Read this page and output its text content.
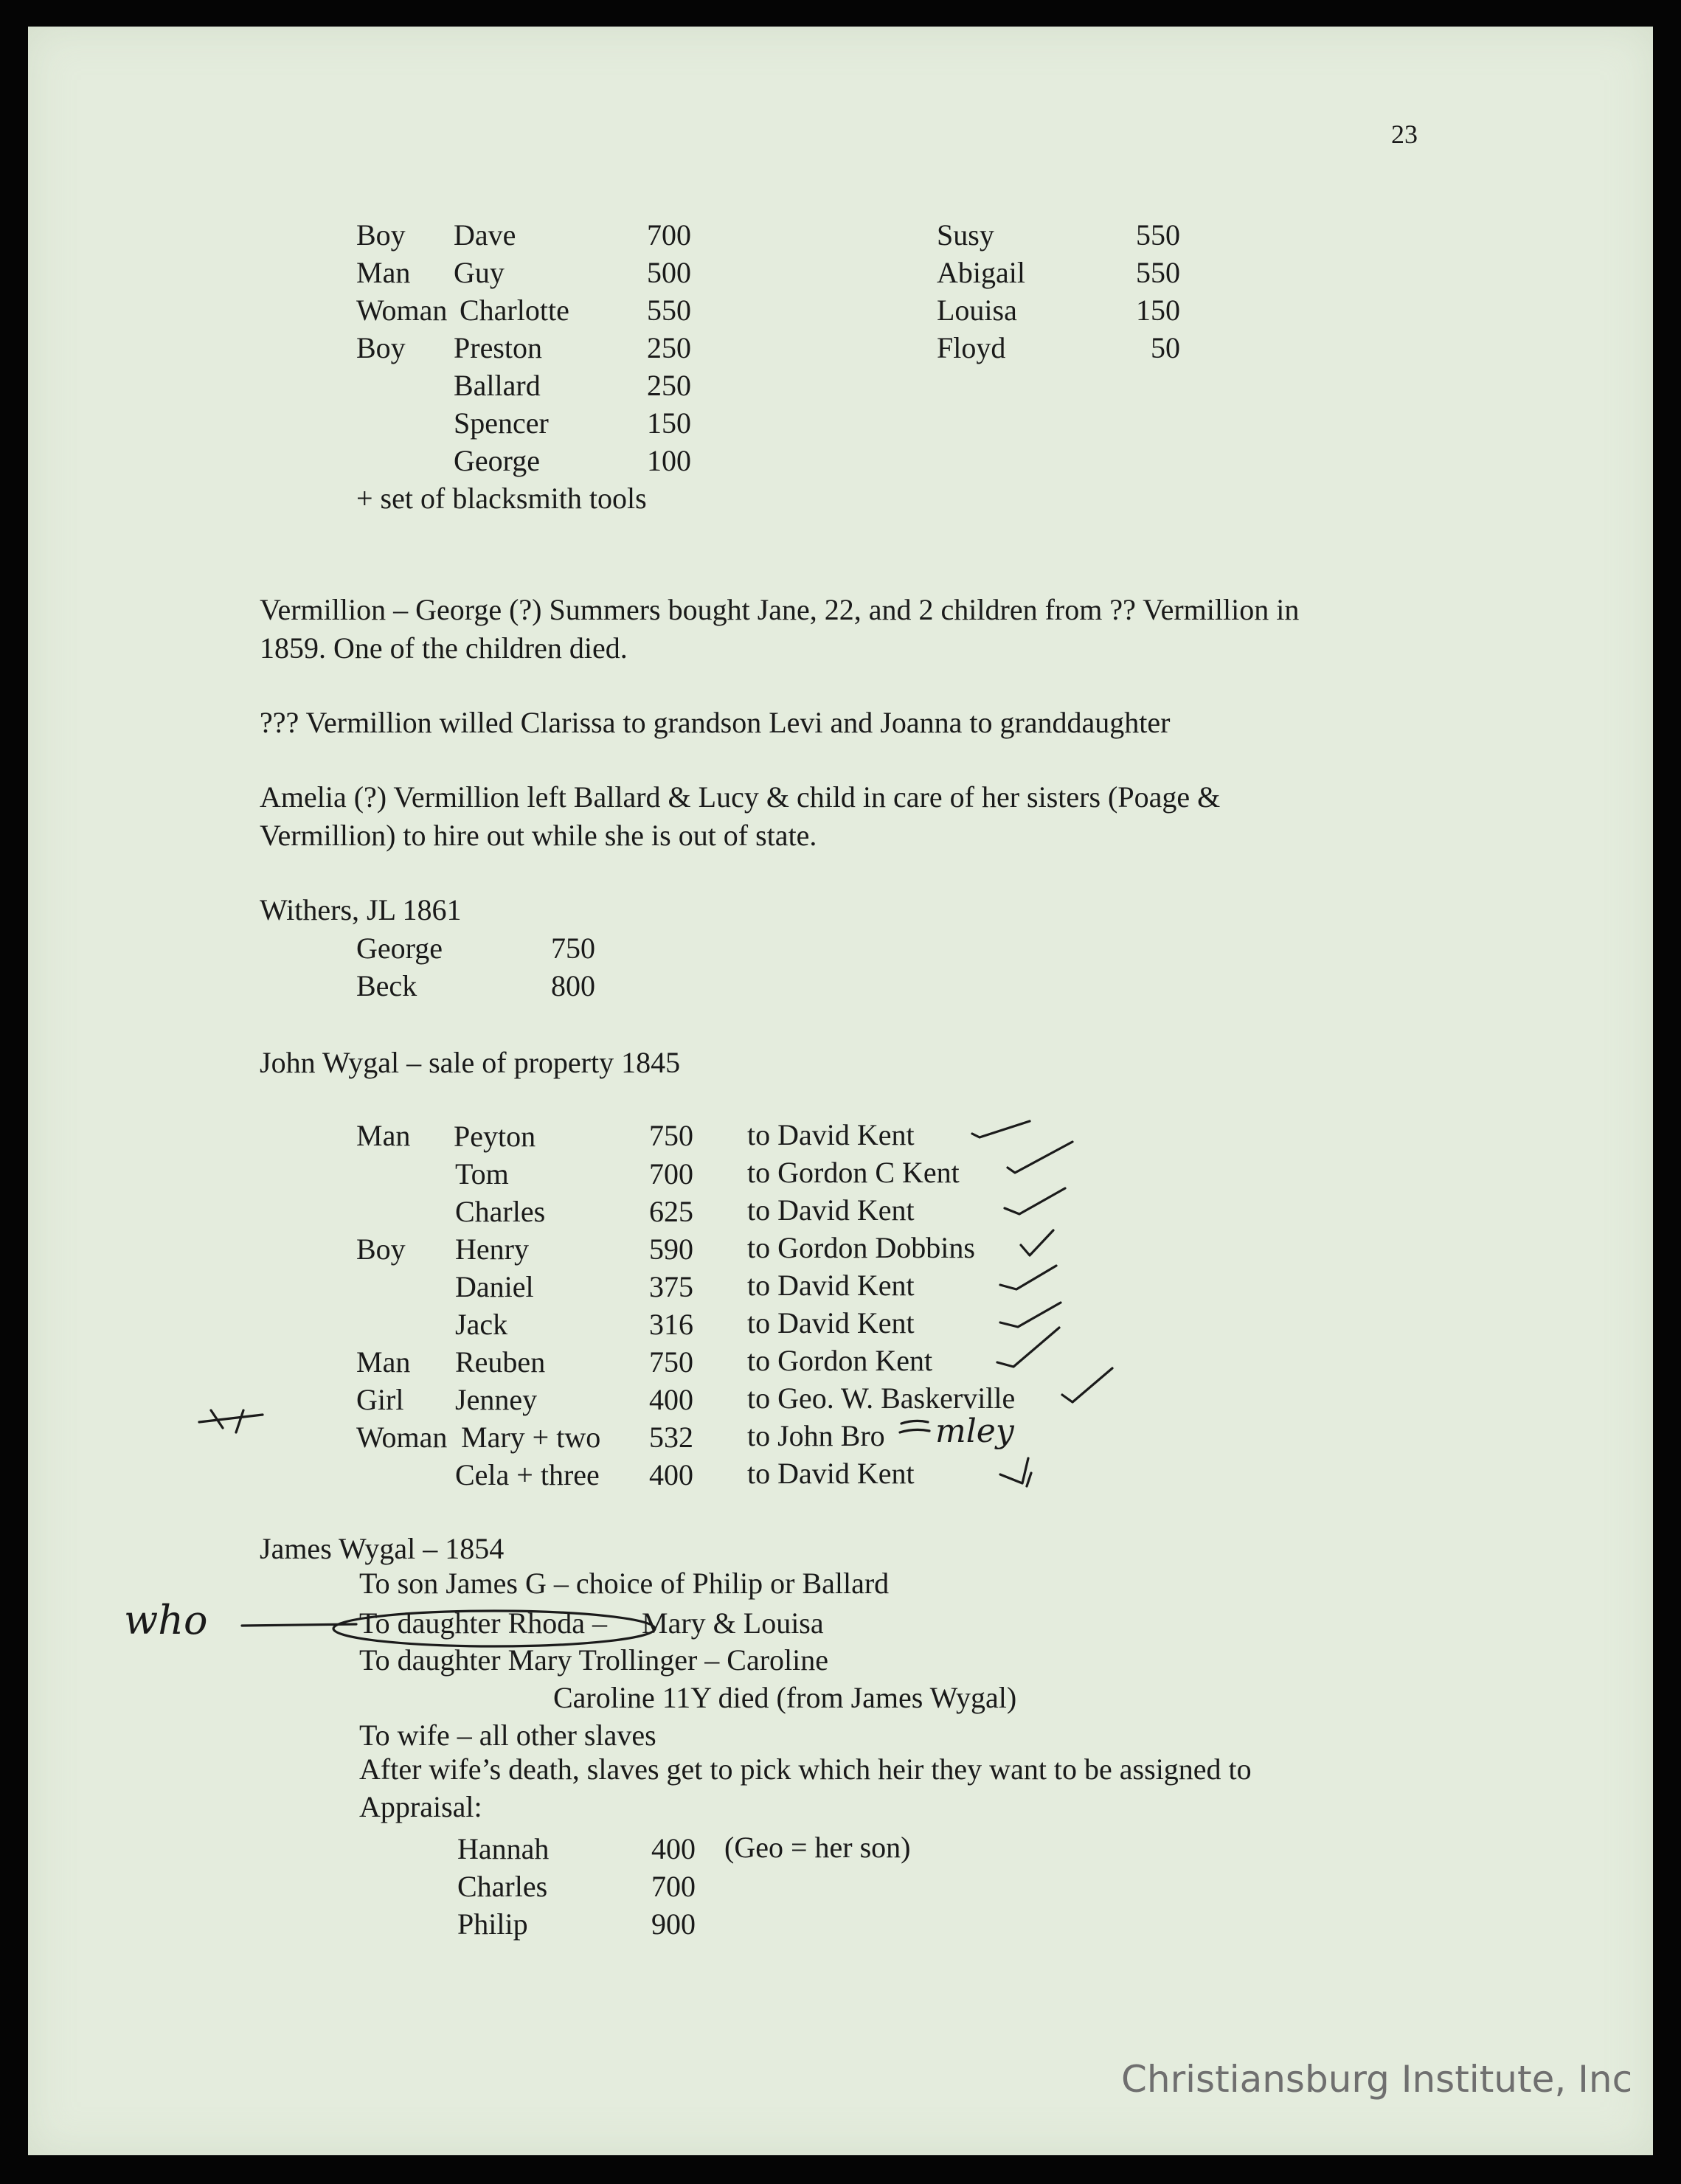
23
Boy Dave	700
Man Guy	500
Woman Charlotte	550
Boy Preston	250
Ballard	250
Spencer	150
George	100
+ set of blacksmith tools
Susy	550
Abigail	550
Louisa	150
Floyd	50
Vermillion – George (?) Summers bought Jane, 22, and 2 children from ?? Vermillion in
1859. One of the children died.
??? Vermillion willed Clarissa to grandson Levi and Joanna to granddaughter
Amelia (?) Vermillion left Ballard & Lucy & child in care of her sisters (Poage &
Vermillion) to hire out while she is out of state.
Withers, JL 1861
George	750
Beck	800
John Wygal – sale of property 1845
Man Peyton	750 to David Kent
Tom	700 to Gordon C Kent
Charles	625 to David Kent
Boy Henry	590 to Gordon Dobbins
Daniel	375 to David Kent
Jack	316 to David Kent
Man Reuben	750 to Gordon Kent
Girl Jenney	400 to Geo. W. Baskerville
Woman Mary + two 532 to John Bro
Cela + three 400 to David Kent
mley
who
James Wygal – 1854
To son James G – choice of Philip or Ballard
To daughter Rhoda – Mary & Louisa
To daughter Mary Trollinger – Caroline
Caroline 11Y died (from James Wygal)
To wife – all other slaves
After wife’s death, slaves get to pick which heir they want to be assigned to
Appraisal:
Hannah	400 (Geo = her son)
Charles	700
Philip	900
Christiansburg Institute, Inc
